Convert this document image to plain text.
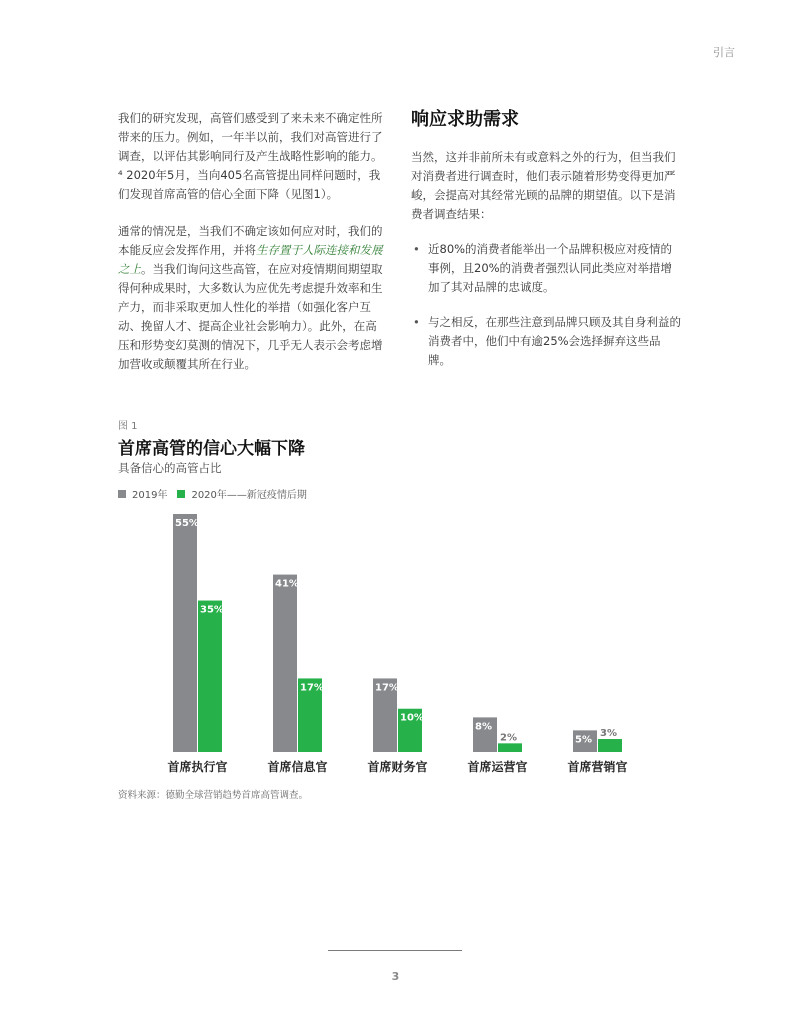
引言

我们的研究发现，高管们感受到了来未来不确定性所带来的压力。例如，一年半以前，我们对高管进行了调查，以评估其影响同行及产生战略性影响的能力。⁴ 2020年5月，当向405名高管提出同样问题时，我们发现首席高管的信心全面下降（见图1）。

通常的情况是，当我们不确定该如何应对时，我们的本能反应会发挥作用，并将生存置于人际连接和发展之上。当我们询问这些高管，在应对疫情期间期望取得何种成果时，大多数认为应优先考虑提升效率和生产力，而非采取更加人性化的举措（如强化客户互动、挽留人才、提高企业社会影响力）。此外，在高压和形势变幻莫测的情况下，几乎无人表示会考虑增加营收或颠覆其所在行业。

响应求助需求

当然，这并非前所未有或意料之外的行为，但当我们对消费者进行调查时，他们表示随着形势变得更加严峻，会提高对其经常光顾的品牌的期望值。以下是消费者调查结果：

• 近80%的消费者能举出一个品牌积极应对疫情的事例，且20%的消费者强烈认同此类应对举措增加了其对品牌的忠诚度。
• 与之相反，在那些注意到品牌只顾及其自身利益的消费者中，他们中有逾25%会选择摒弃这些品牌。
图 1
首席高管的信心大幅下降
具备信心的高管占比
2019年 2020年——新冠疫情后期
55%
35%
首席执行官
41%
17%
首席信息官
17%
10%
首席财务官
8%
2%
首席运营官
5%
3%
首席营销官
资料来源：德勤全球营销趋势首席高管调查。
3
